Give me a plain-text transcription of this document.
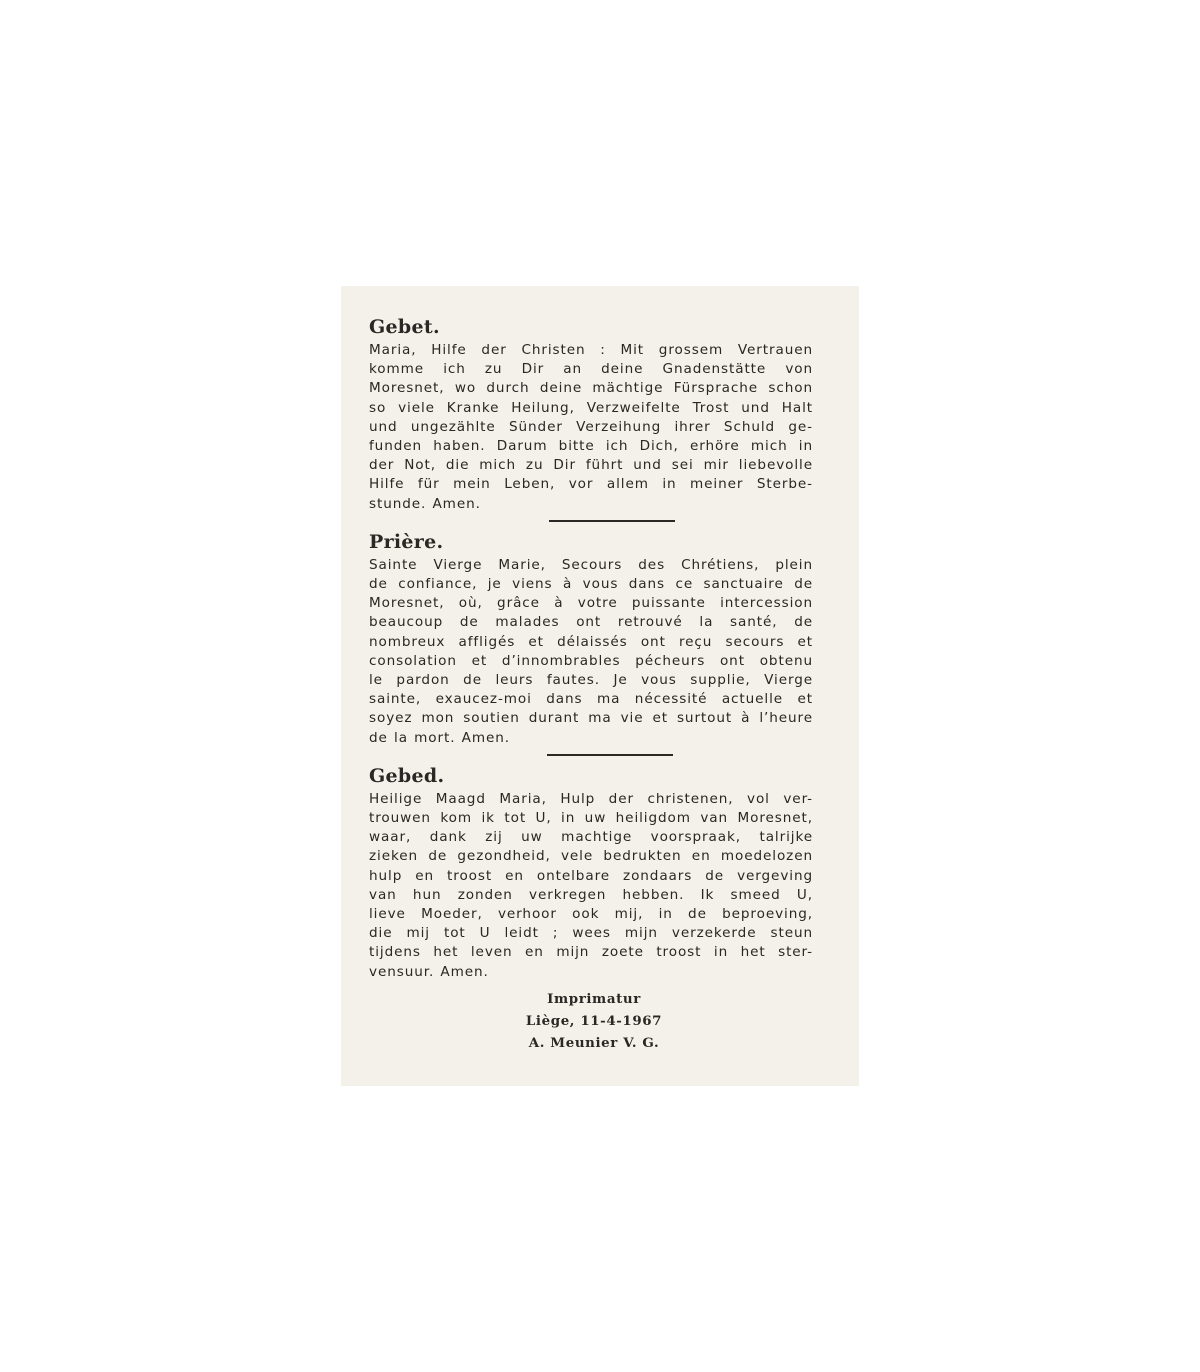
Gebet.
Maria, Hilfe der Christen : Mit grossem Vertrauen
komme ich zu Dir an deine Gnadenstätte von
Moresnet, wo durch deine mächtige Fürsprache schon
so viele Kranke Heilung, Verzweifelte Trost und Halt
und ungezählte Sünder Verzeihung ihrer Schuld ge-
funden haben. Darum bitte ich Dich, erhöre mich in
der Not, die mich zu Dir führt und sei mir liebevolle
Hilfe für mein Leben, vor allem in meiner Sterbe-
stunde. Amen.
Prière.
Sainte Vierge Marie, Secours des Chrétiens, plein
de confiance, je viens à vous dans ce sanctuaire de
Moresnet, où, grâce à votre puissante intercession
beaucoup de malades ont retrouvé la santé, de
nombreux affligés et délaissés ont reçu secours et
consolation et d’innombrables pécheurs ont obtenu
le pardon de leurs fautes. Je vous supplie, Vierge
sainte, exaucez-moi dans ma nécessité actuelle et
soyez mon soutien durant ma vie et surtout à l’heure
de la mort. Amen.
Gebed.
Heilige Maagd Maria, Hulp der christenen, vol ver-
trouwen kom ik tot U, in uw heiligdom van Moresnet,
waar, dank zij uw machtige voorspraak, talrijke
zieken de gezondheid, vele bedrukten en moedelozen
hulp en troost en ontelbare zondaars de vergeving
van hun zonden verkregen hebben. Ik smeed U,
lieve Moeder, verhoor ook mij, in de beproeving,
die mij tot U leidt ; wees mijn verzekerde steun
tijdens het leven en mijn zoete troost in het ster-
vensuur. Amen.
Imprimatur
Liège, 11-4-1967
A. Meunier V. G.
